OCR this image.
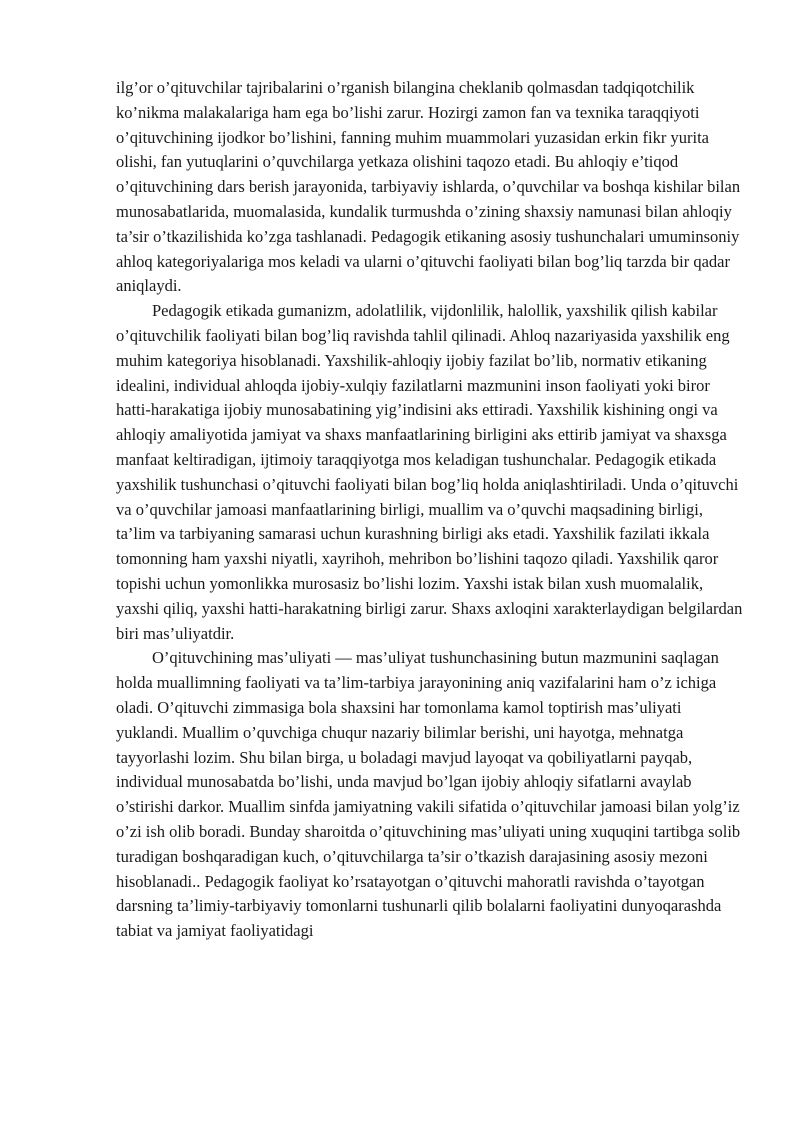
ilg’or o’qituvchilar tajribalarini o’rganish bilangina cheklanib qolmasdan tadqiqotchilik ko’nikma malakalariga ham ega bo’lishi zarur. Hozirgi zamon fan va texnika taraqqiyoti o’qituvchining ijodkor bo’lishini, fanning muhim muammolari yuzasidan erkin fikr yurita olishi, fan yutuqlarini o’quvchilarga yetkaza olishini taqozo etadi. Bu ahloqiy e’tiqod o’qituvchining dars berish jarayonida, tarbiyaviy ishlarda, o’quvchilar va boshqa kishilar bilan munosabatlarida, muomalasida, kundalik turmushda o’zining shaxsiy namunasi bilan ahloqiy ta’sir o’tkazilishida ko’zga tashlanadi. Pedagogik etikaning asosiy tushunchalari umuminsoniy ahloq kategoriyalariga mos keladi va ularni o’qituvchi faoliyati bilan bog’liq tarzda bir qadar aniqlaydi.

Pedagogik etikada gumanizm, adolatlilik, vijdonlilik, halollik, yaxshilik qilish kabilar o’qituvchilik faoliyati bilan bog’liq ravishda tahlil qilinadi. Ahloq nazariyasida yaxshilik eng muhim kategoriya hisoblanadi. Yaxshilik-ahloqiy ijobiy fazilat bo’lib, normativ etikaning idealini, individual ahloqda ijobiy-xulqiy fazilatlarni mazmunini inson faoliyati yoki biror hatti-harakatiga ijobiy munosabatining yig’indisini aks ettiradi. Yaxshilik kishining ongi va ahloqiy amaliyotida jamiyat va shaxs manfaatlarining birligini aks ettirib jamiyat va shaxsga manfaat keltiradigan, ijtimoiy taraqqiyotga mos keladigan tushunchalar. Pedagogik etikada yaxshilik tushunchasi o’qituvchi faoliyati bilan bog’liq holda aniqlashtiriladi. Unda o’qituvchi va o’quvchilar jamoasi manfaatlarining birligi, muallim va o’quvchi maqsadining birligi, ta’lim va tarbiyaning samarasi uchun kurashning birligi aks etadi. Yaxshilik fazilati ikkala tomonning ham yaxshi niyatli, xayrihoh, mehribon bo’lishini taqozo qiladi. Yaxshilik qaror topishi uchun yomonlikka murosasiz bo’lishi lozim. Yaxshi istak bilan xush muomalalik, yaxshi qiliq, yaxshi hatti-harakatning birligi zarur. Shaxs axloqini xarakterlaydigan belgilardan biri mas’uliyatdir.

O’qituvchining mas’uliyati — mas’uliyat tushunchasining butun mazmunini saqlagan holda muallimning faoliyati va ta’lim-tarbiya jarayonining aniq vazifalarini ham o’z ichiga oladi. O’qituvchi zimmasiga bola shaxsini har tomonlama kamol toptirish mas’uliyati yuklandi. Muallim o’quvchiga chuqur nazariy bilimlar berishi, uni hayotga, mehnatga tayyorlashi lozim. Shu bilan birga, u boladagi mavjud layoqat va qobiliyatlarni payqab, individual munosabatda bo’lishi, unda mavjud bo’lgan ijobiy ahloqiy sifatlarni avaylab o’stirishi darkor. Muallim sinfda jamiyatning vakili sifatida o’qituvchilar jamoasi bilan yolg’iz o’zi ish olib boradi. Bunday sharoitda o’qituvchining mas’uliyati uning xuquqini tartibga solib turadigan boshqaradigan kuch, o’qituvchilarga ta’sir o’tkazish darajasining asosiy mezoni hisoblanadi.. Pedagogik faoliyat ko’rsatayotgan o’qituvchi mahoratli ravishda o’tayotgan darsning ta’limiy-tarbiyaviy tomonlarni tushunarli qilib bolalarni faoliyatini dunyoqarashda tabiat va jamiyat faoliyatidagi
